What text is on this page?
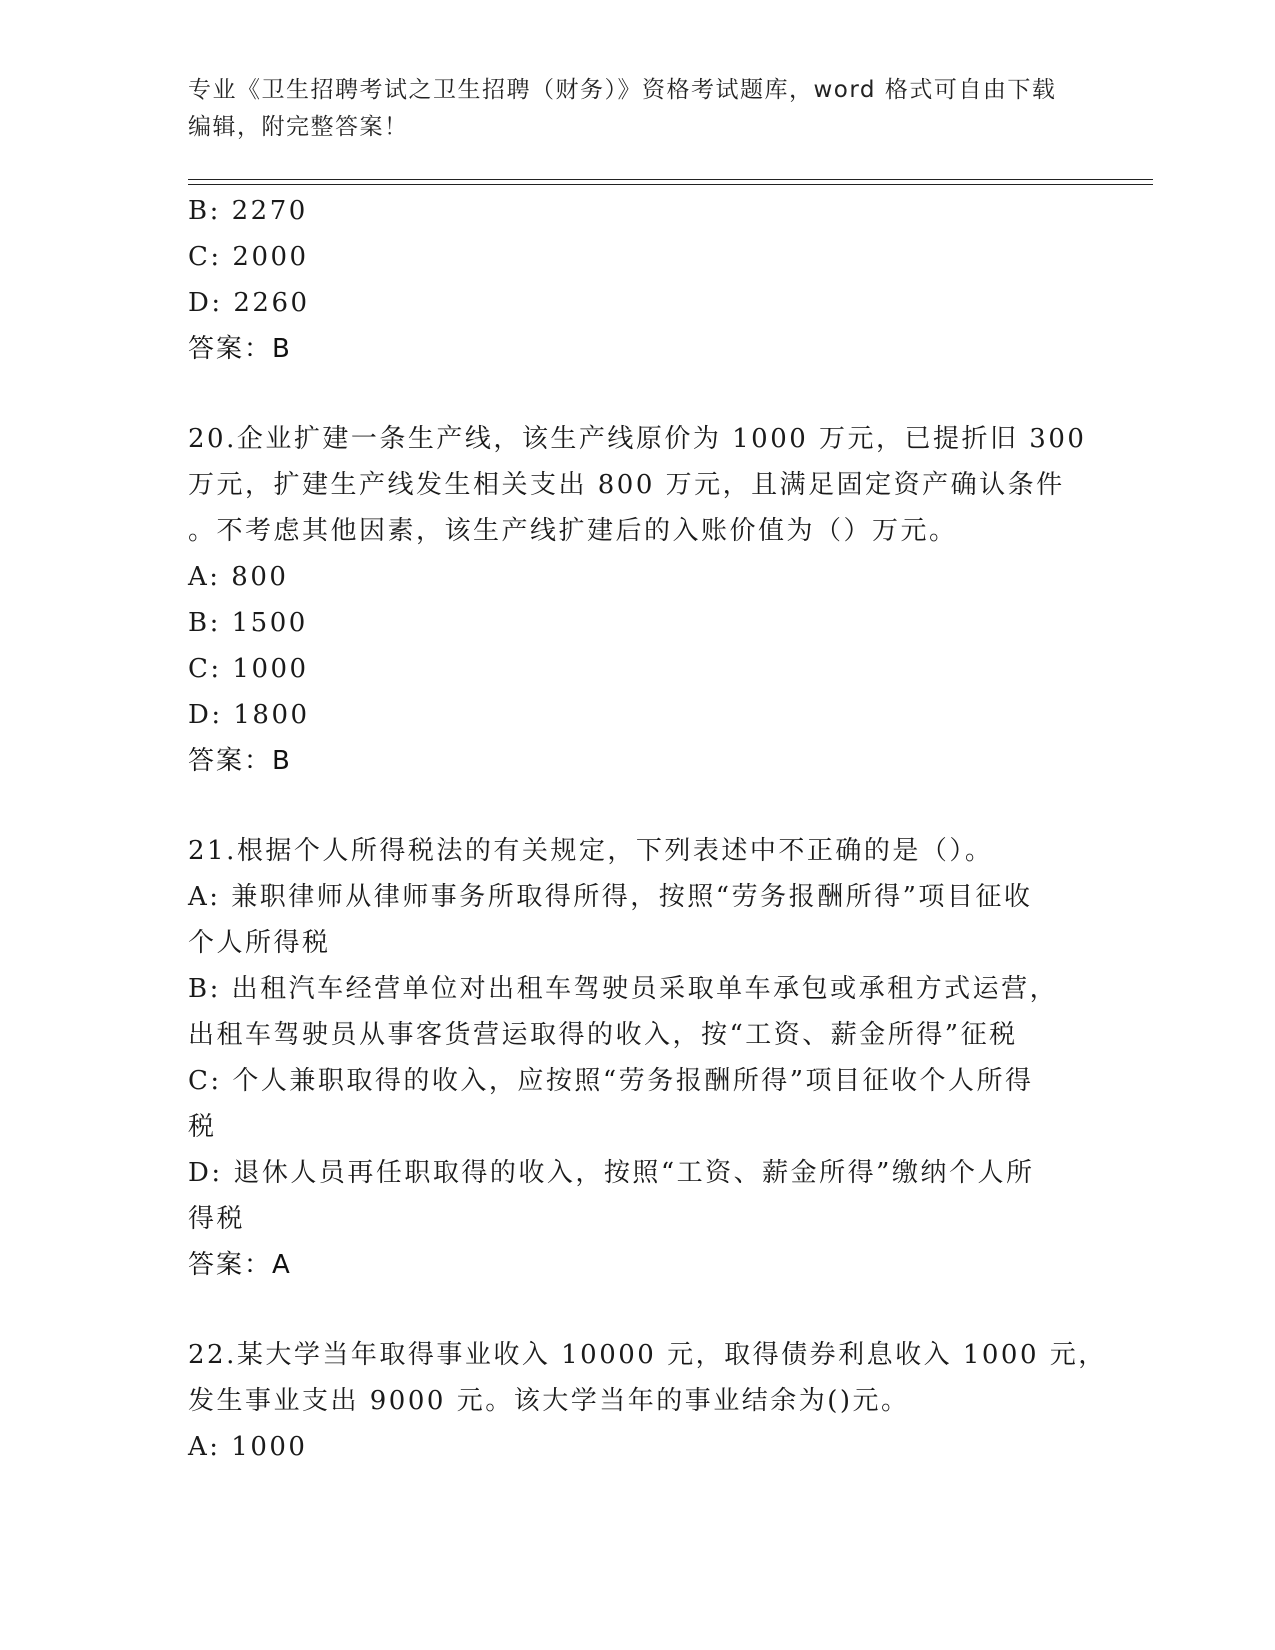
专业《卫生招聘考试之卫生招聘（财务）》资格考试题库，word 格式可自由下载
编辑，附完整答案！
B: 2270
C: 2000
D: 2260
答案：B
20.企业扩建一条生产线，该生产线原价为 1000 万元，已提折旧 300
万元，扩建生产线发生相关支出 800 万元，且满足固定资产确认条件
。不考虑其他因素，该生产线扩建后的入账价值为（）万元。
A: 800
B: 1500
C: 1000
D: 1800
答案：B
21.根据个人所得税法的有关规定，下列表述中不正确的是（）。
A: 兼职律师从律师事务所取得所得，按照“劳务报酬所得”项目征收
个人所得税
B: 出租汽车经营单位对出租车驾驶员采取单车承包或承租方式运营，
出租车驾驶员从事客货营运取得的收入，按“工资、薪金所得”征税
C: 个人兼职取得的收入，应按照“劳务报酬所得”项目征收个人所得
税
D: 退休人员再任职取得的收入，按照“工资、薪金所得”缴纳个人所
得税
答案：A
22.某大学当年取得事业收入 10000 元，取得债券利息收入 1000 元，
发生事业支出 9000 元。该大学当年的事业结余为()元。
A: 1000
